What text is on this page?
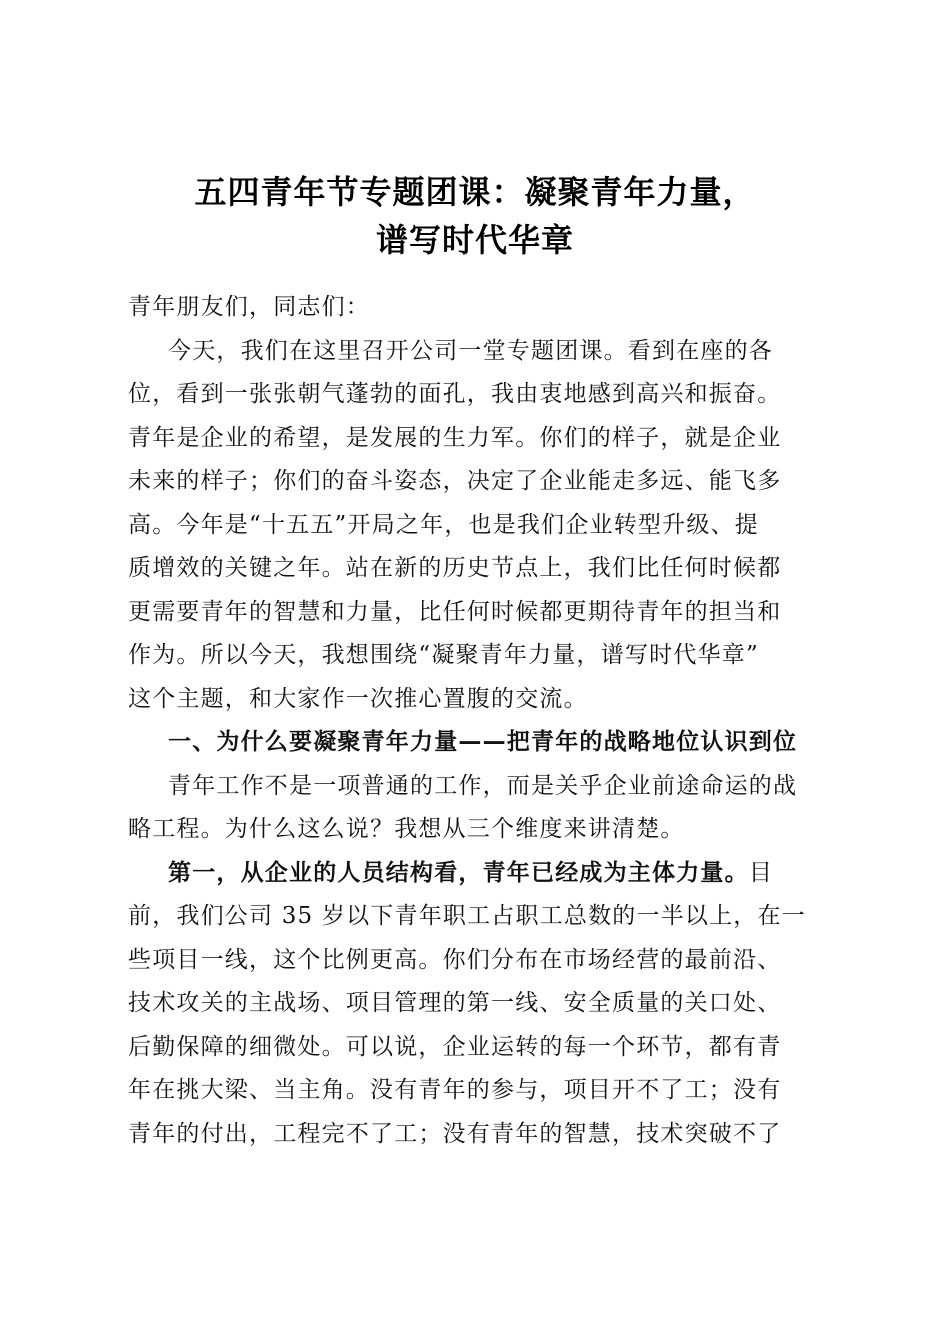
五四青年节专题团课：凝聚青年力量，
谱写时代华章
青年朋友们，同志们：
今天，我们在这里召开公司一堂专题团课。看到在座的各
位，看到一张张朝气蓬勃的面孔，我由衷地感到高兴和振奋。
青年是企业的希望，是发展的生力军。你们的样子，就是企业
未来的样子；你们的奋斗姿态，决定了企业能走多远、能飞多
高。今年是“十五五”开局之年，也是我们企业转型升级、提
质增效的关键之年。站在新的历史节点上，我们比任何时候都
更需要青年的智慧和力量，比任何时候都更期待青年的担当和
作为。所以今天，我想围绕“凝聚青年力量，谱写时代华章”
这个主题，和大家作一次推心置腹的交流。
一、为什么要凝聚青年力量——把青年的战略地位认识到位
青年工作不是一项普通的工作，而是关乎企业前途命运的战
略工程。为什么这么说？我想从三个维度来讲清楚。
第一，从企业的人员结构看，青年已经成为主体力量。目
前，我们公司 35 岁以下青年职工占职工总数的一半以上，在一
些项目一线，这个比例更高。你们分布在市场经营的最前沿、
技术攻关的主战场、项目管理的第一线、安全质量的关口处、
后勤保障的细微处。可以说，企业运转的每一个环节，都有青
年在挑大梁、当主角。没有青年的参与，项目开不了工；没有
青年的付出，工程完不了工；没有青年的智慧，技术突破不了
